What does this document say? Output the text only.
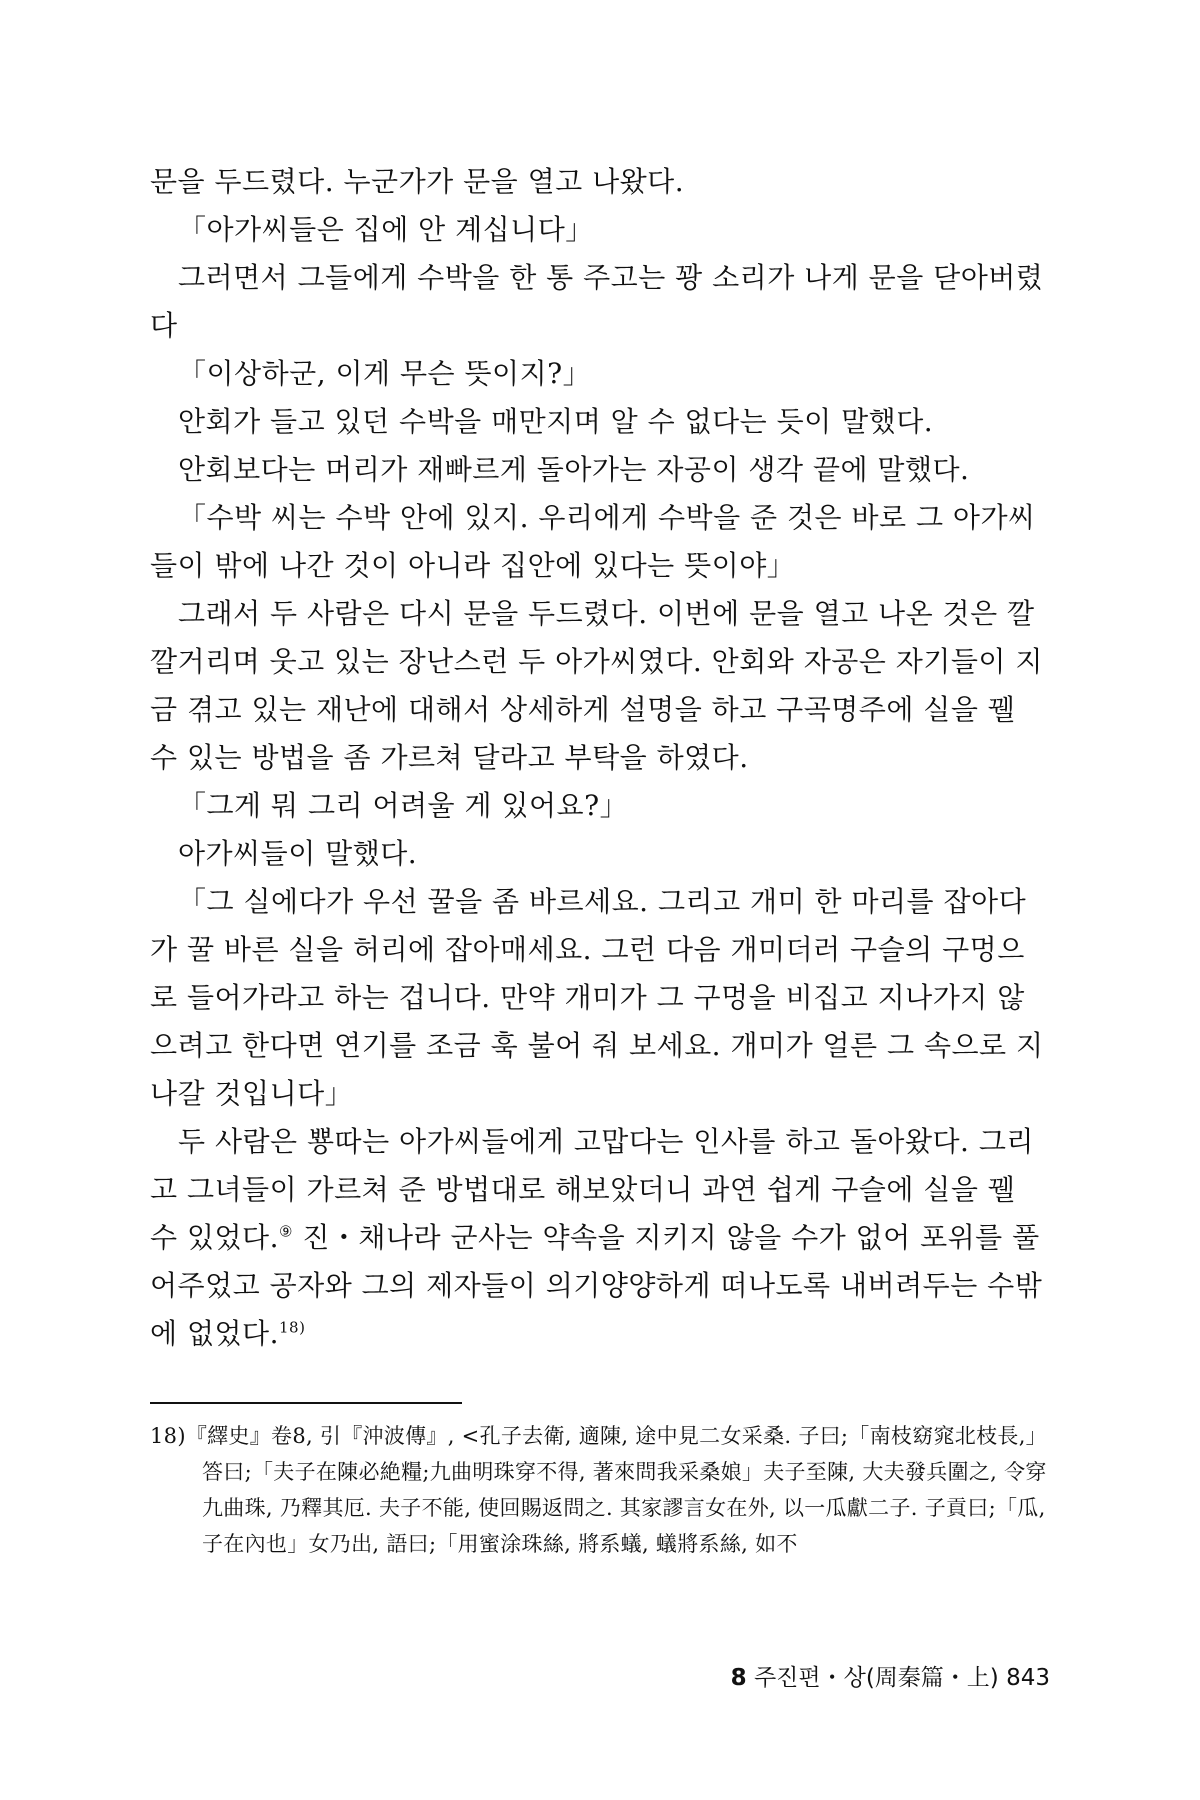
문을 두드렸다. 누군가가 문을 열고 나왔다.

「아가씨들은 집에 안 계십니다」

그러면서 그들에게 수박을 한 통 주고는 꽝 소리가 나게 문을 닫아버렸다

「이상하군, 이게 무슨 뜻이지?」

안회가 들고 있던 수박을 매만지며 알 수 없다는 듯이 말했다.

안회보다는 머리가 재빠르게 돌아가는 자공이 생각 끝에 말했다.

「수박 씨는 수박 안에 있지. 우리에게 수박을 준 것은 바로 그 아가씨들이 밖에 나간 것이 아니라 집안에 있다는 뜻이야」

그래서 두 사람은 다시 문을 두드렸다. 이번에 문을 열고 나온 것은 깔깔거리며 웃고 있는 장난스런 두 아가씨였다. 안회와 자공은 자기들이 지금 겪고 있는 재난에 대해서 상세하게 설명을 하고 구곡명주에 실을 꿸 수 있는 방법을 좀 가르쳐 달라고 부탁을 하였다.

「그게 뭐 그리 어려울 게 있어요?」

아가씨들이 말했다.

「그 실에다가 우선 꿀을 좀 바르세요. 그리고 개미 한 마리를 잡아다가 꿀 바른 실을 허리에 잡아매세요. 그런 다음 개미더러 구슬의 구멍으로 들어가라고 하는 겁니다. 만약 개미가 그 구멍을 비집고 지나가지 않으려고 한다면 연기를 조금 훅 불어 줘 보세요. 개미가 얼른 그 속으로 지나갈 것입니다」

두 사람은 뿅따는 아가씨들에게 고맙다는 인사를 하고 돌아왔다. 그리고 그녀들이 가르쳐 준 방법대로 해보았더니 과연 쉽게 구슬에 실을 꿸 수 있었다.⑨ 진・채나라 군사는 약속을 지키지 않을 수가 없어 포위를 풀어주었고 공자와 그의 제자들이 의기양양하게 떠나도록 내버려두는 수밖에 없었다.$^{18)}$

18)『繹史』卷8, 引『沖波傳』, <孔子去衛, 適陳, 途中見二女采桑. 子曰;「南枝窈窕北枝長,」答曰;「夫子在陳必絶糧;九曲明珠穿不得, 著來問我采桑娘」夫子至陳, 大夫發兵圍之, 令穿九曲珠, 乃釋其厄. 夫子不能, 使回賜返問之. 其家謬言女在外, 以一瓜獻二子. 子貢曰;「瓜, 子在內也」女乃出, 語曰;「用蜜涂珠絲, 將系蟻, 蟻將系絲, 如不

8 주진편・상(周秦篇・上) 843
